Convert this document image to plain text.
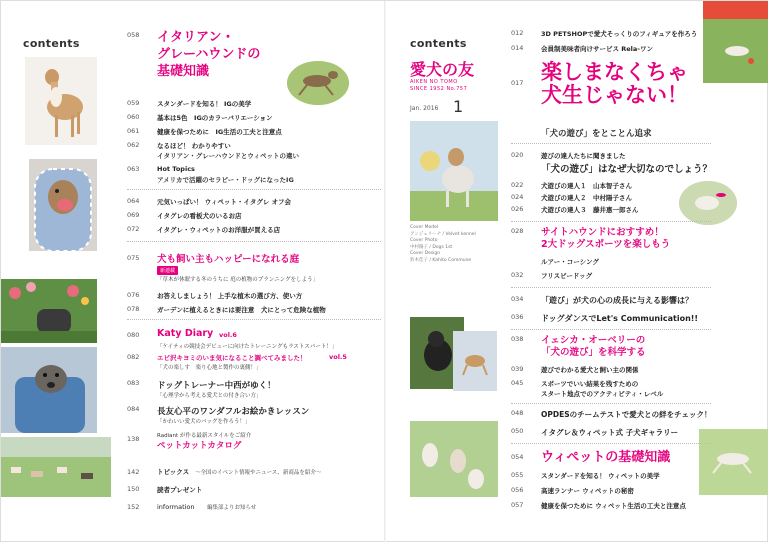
contents
058	イタリアン・
グレーハウンドの
基礎知識
059	スタンダードを知る！ IGの美学
060	基本は5色　IGのカラーバリエーション
061	健康を保つために　IG生活の工夫と注意点
062	なるほど！ わかりやすい
イタリアン・グレーハウンドとウィペットの違い
063	Hot Topics
アメリカで活躍のセラピー・ドッグになったIG
064	元気いっぱい！ ウィペット・イタグレ オフ会
069	イタグレの看板犬のいるお店
072	イタグレ・ウィペットのお洋服が買える店
075	犬も飼い主もハッピーになれる庭
新連載
「草木が休眠する冬のうちに 庭の植物のプランニングをしよう」
076	お答えしましょう！ 上手な植木の選び方、使い方
078	ガーデンに植えるときには要注意　犬にとって危険な植物
080	Katy Diary vol.6
「ケイティの競技会デビューに向けたトレーニングもラストスパート！」
082	エビ沢キヨミのいま気になること調べてみました！	vol.5
「犬の楽しす　楽り心地と製作の裏側！」
083	ドッグトレーナー中西がゆく！
「心理学から考える愛犬との付き合い方」
084	長友心平のワンダフルお絵かきレッスン
「かわいい愛犬のバッグを作ろう！」
138	Radiant が作る最新スタイルをご紹介
ペットカットカタログ
142	トピックス ～全国のイベント情報やニュース、新商品を紹介～
150	読者プレゼント
152	information 編集部よりお知らせ
contents
愛犬の友
AIKEN NO TOMO
SINCE 1952 No.757
Jan. 2016 1
Cover Model
アンジェリーナ / Velvet kennel
Cover Photo
中村陽子 / Dogs 1st
Cover Design
鈴木佳子 / Kahito Commune
012	3D PETSHOPで愛犬そっくりのフィギュアを作ろう
014	会員制美味者向けサービス Rela-ワン
017 楽しまなくちゃ
犬生じゃない！
「犬の遊び」をとことん追求
020	遊びの達人たちに聞きました
「犬の遊び」はなぜ大切なのでしょう？
022	犬遊びの達人１　山本智子さん
024	犬遊びの達人２　中村陽子さん
026	犬遊びの達人３　藤井惠一郎さん
028	サイトハウンドにおすすめ！
2大ドッグスポーツを楽しもう
ルアー・コーシング
032	フリスビードッグ
034	「遊び」が犬の心の成長に与える影響は？
036	ドッグダンスでLet's Communication!!
038	イェシカ・オーベリーの
「犬の遊び」を科学する
039	遊びでわかる愛犬と飼い主の関係
045	スポーツでいい結果を残すための
スタート地点でのアクティビティ・レベル
048	OPDESのチームテストで愛犬との絆をチェック！
050	イタグレ＆ウィペット式 子犬ギャラリー
054	ウィペットの基礎知識
055	スタンダードを知る！ ウィペットの美学
056	高速ランナー ウィペットの秘密
057	健康を保つために ウィペット生活の工夫と注意点
